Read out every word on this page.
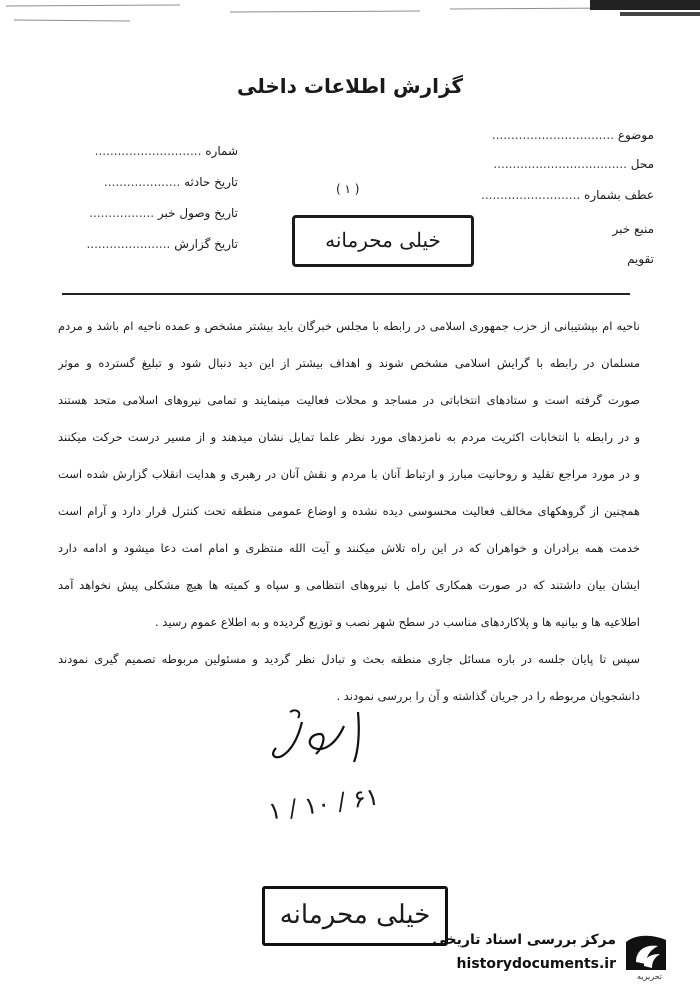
گزارش اطلاعات داخلی
موضوع ................................
محل ...................................
عطف بشماره ..........................
منبع خبر
تقویم
شماره ............................
تاریخ حادثه ....................
تاریخ وصول خبر .................
تاریخ گزارش ......................
( ۱ )
خیلی محرمانه
ناحیه ام بپشتیبانی از حزب جمهوری اسلامی در رابطه با مجلس خبرگان باید بیشتر مشخص و عمده ناحیه ام باشد و مردم
مسلمان در رابطه با گرایش اسلامی مشخص شوند و اهداف بیشتر از این دید دنبال شود و تبلیغ گسترده و موثر
صورت گرفته است و ستادهای انتخاباتی در مساجد و محلات فعالیت مینمایند و تمامی نیروهای اسلامی متحد هستند
و در رابطه با انتخابات اکثریت مردم به نامزدهای مورد نظر علما تمایل نشان میدهند و از مسیر درست حرکت میکنند
و در مورد مراجع تقلید و روحانیت مبارز و ارتباط آنان با مردم و نقش آنان در رهبری و هدایت انقلاب گزارش شده است
همچنین از گروهکهای مخالف فعالیت محسوسی دیده نشده و اوضاع عمومی منطقه تحت کنترل قرار دارد و آرام است
خدمت همه برادران و خواهران که در این راه تلاش میکنند و آیت الله منتظری و امام امت دعا میشود و ادامه دارد
ایشان بیان داشتند که در صورت همکاری کامل با نیروهای انتظامی و سپاه و کمیته ها هیچ مشکلی پیش نخواهد آمد
اطلاعیه ها و بیانیه ها و پلاکاردهای مناسب در سطح شهر نصب و توزیع گردیده و به اطلاع عموم رسید .
سپس تا پایان جلسه در باره مسائل جاری منطقه بحث و تبادل نظر گردید و مسئولین مربوطه تصمیم گیری نمودند
دانشجویان مربوطه را در جریان گذاشته و آن را بررسی نمودند .
۱ / ۱۰ / ۶۱
خیلی محرمانه
مرکز بررسی اسناد تاریخی
historydocuments.ir
تحریریه
